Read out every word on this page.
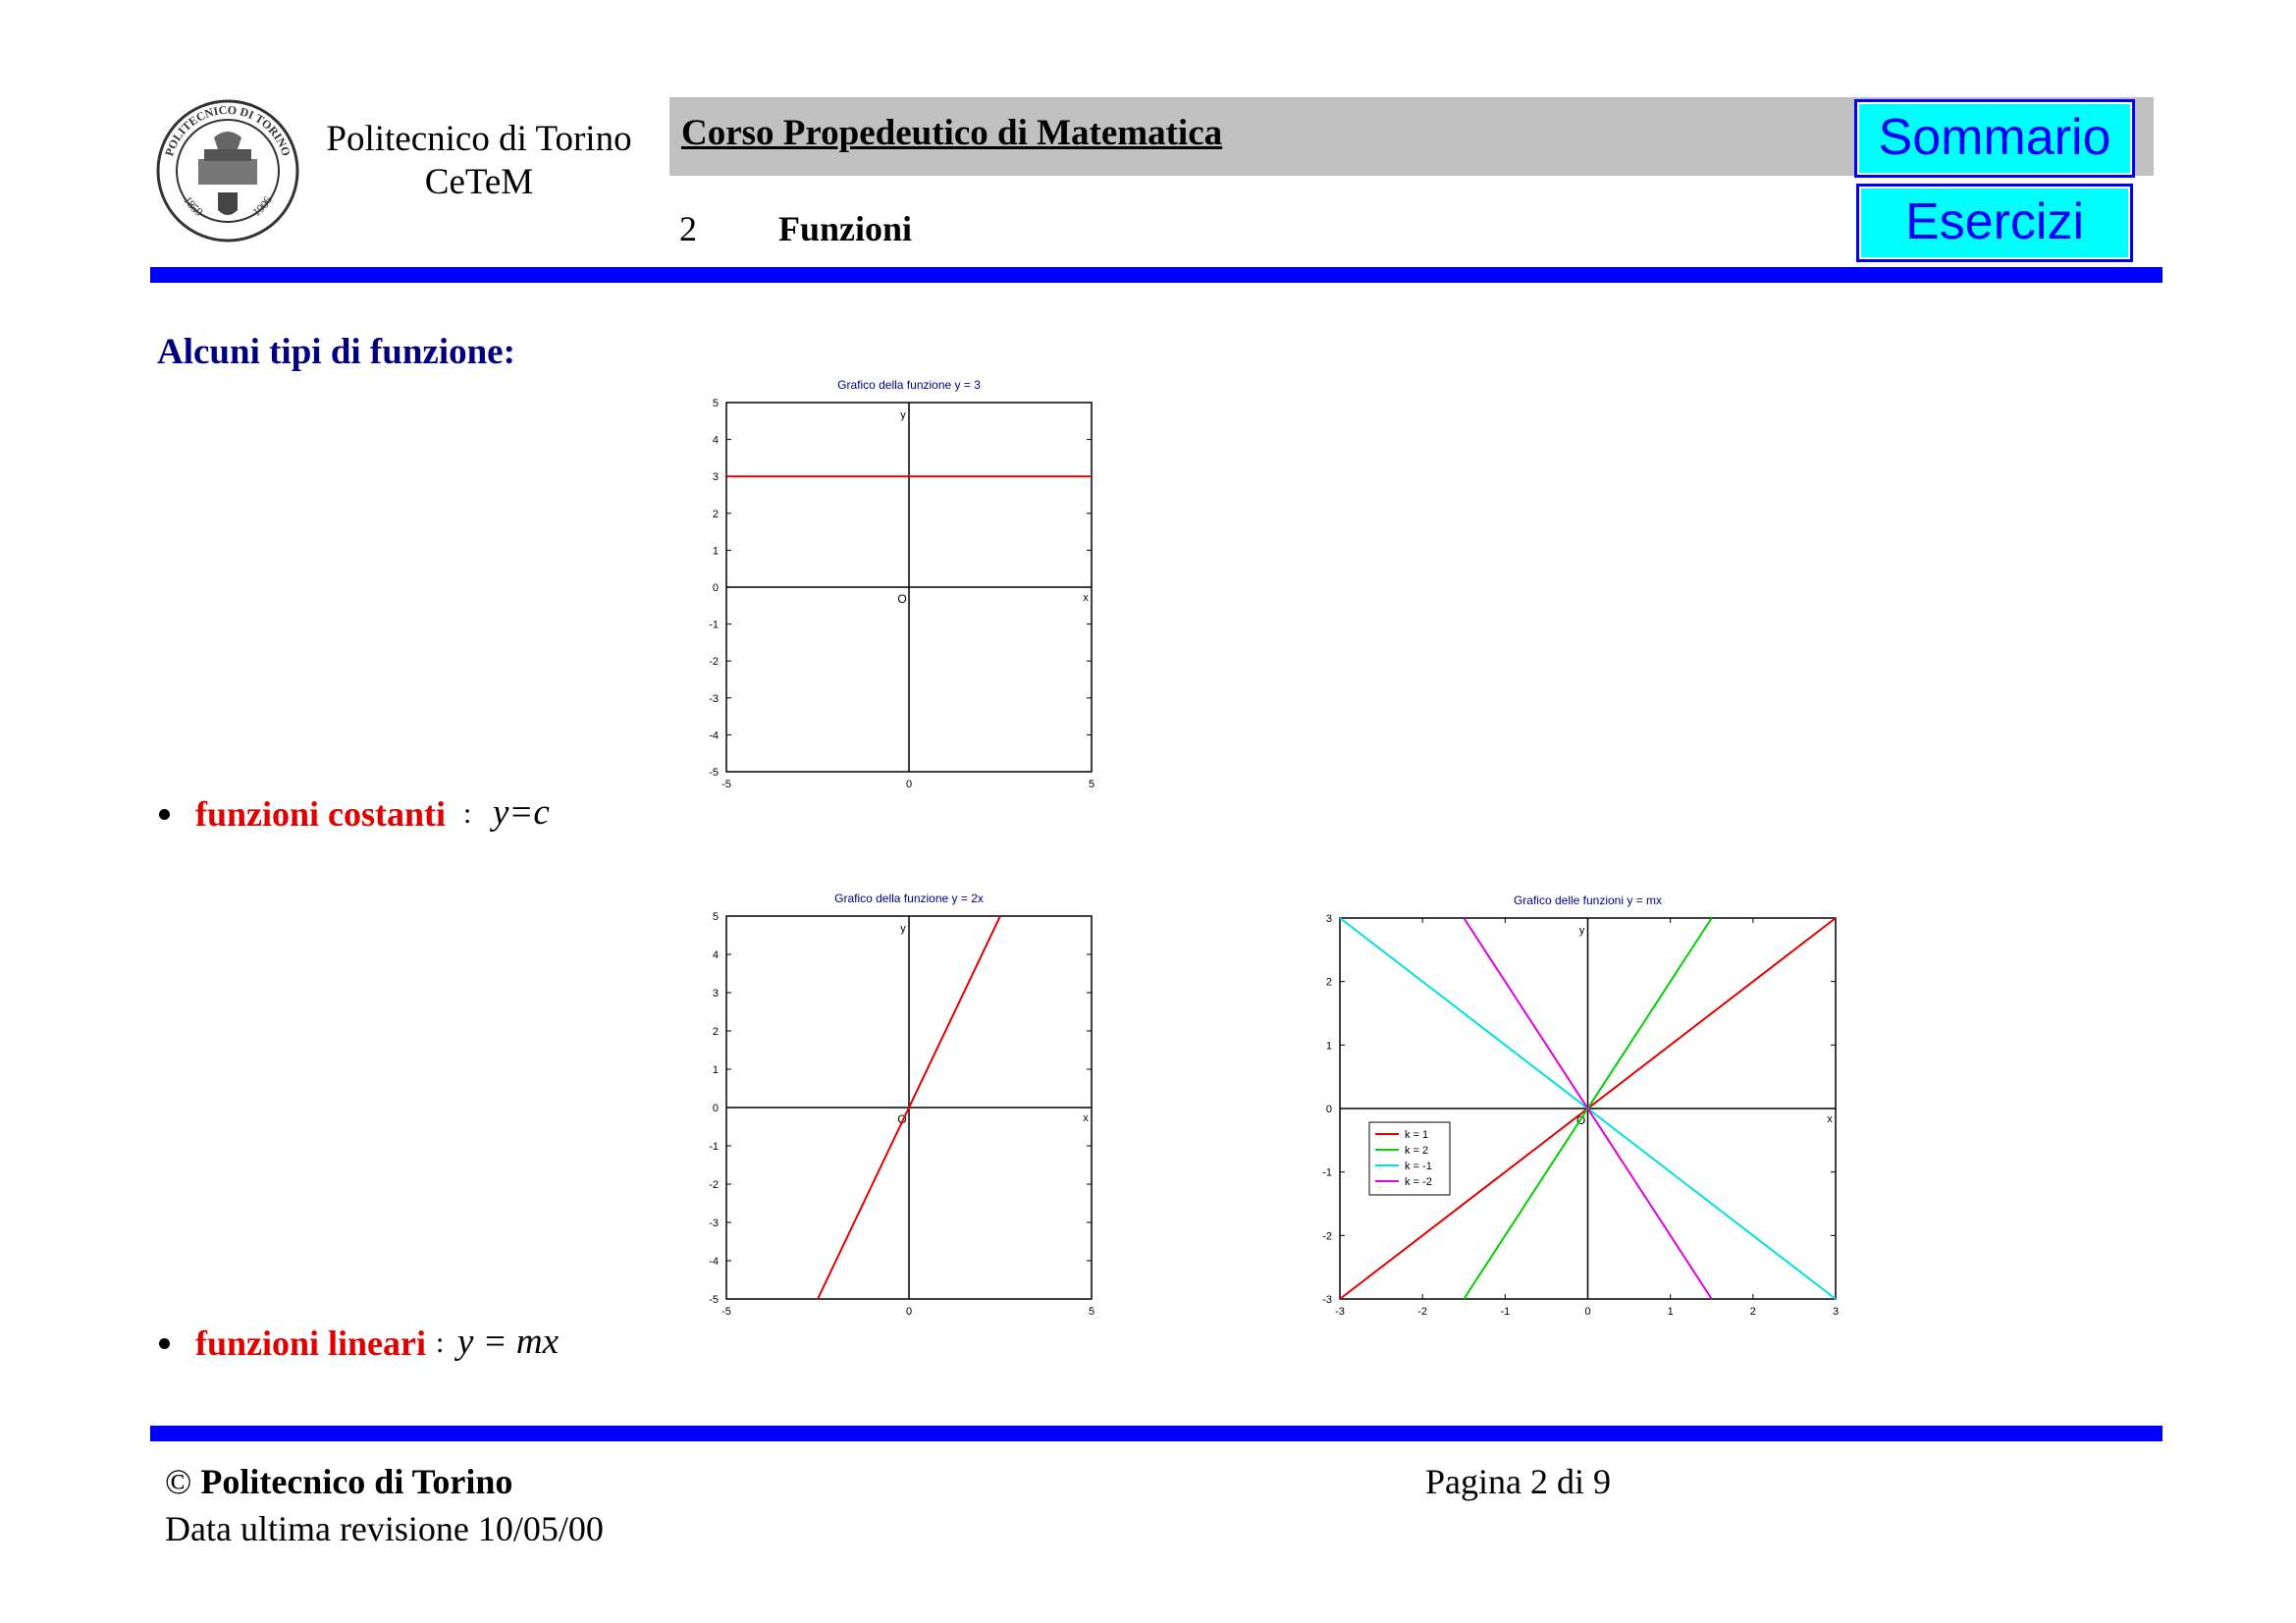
POLITECNICO DI TORINO
1859	1906
Politecnico di Torino
CeTeM
Corso Propedeutico di Matematica
2 Funzioni
Sommario
Esercizi
Alcuni tipi di funzione:
funzioni costanti : y=c
funzioni lineari : y = mx
Grafico della funzione y = 3
-5
-4
-3
-2
-1
0
1
2
3
4
5
-5	0	5
x
y
O
Grafico della funzione y = 2x
-5
-4
-3
-2
-1
0
1
2
3
4
5
-5	0	5
x
y
O
Grafico delle funzioni y = mx
-3
-2
-1
0
1
2
3
-3	-2	-1	0	1	2	3
x
y
O
k = 1
k = 2
k = -1
k = -2
© Politecnico di Torino
Data ultima revisione 10/05/00
Pagina 2 di 9
